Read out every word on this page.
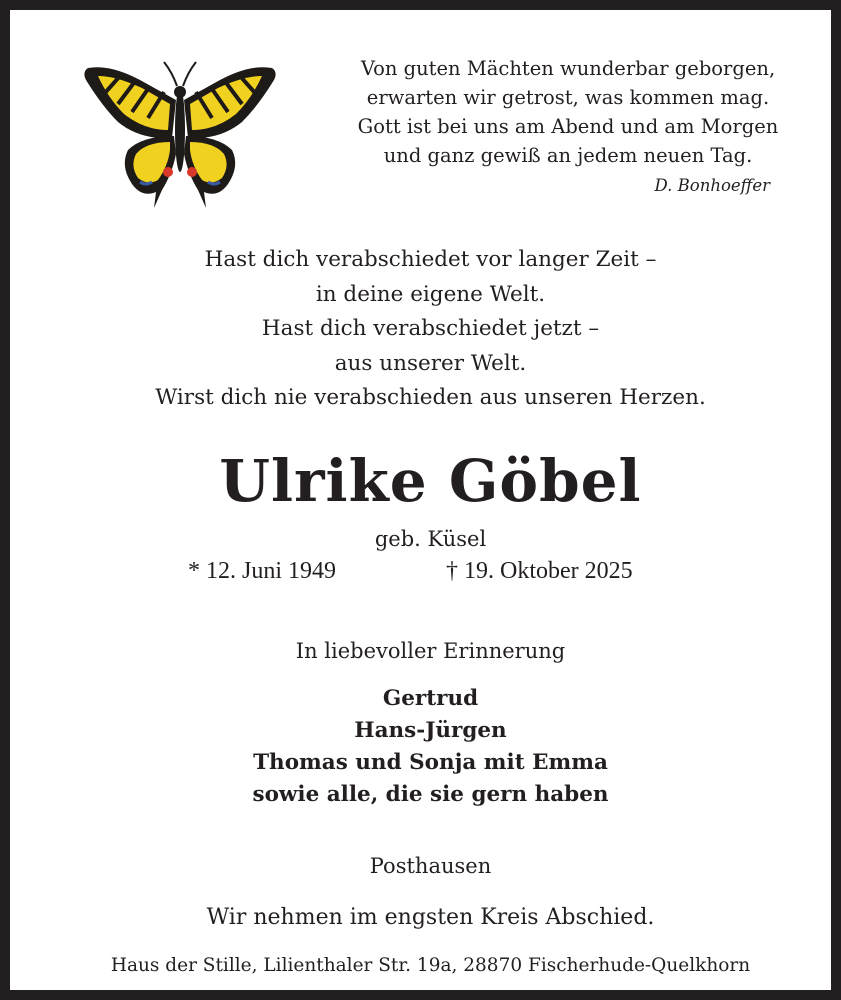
Von guten Mächten wunderbar geborgen,
erwarten wir getrost, was kommen mag.
Gott ist bei uns am Abend und am Morgen
und ganz gewiß an jedem neuen Tag.
D. Bonhoeffer
Hast dich verabschiedet vor langer Zeit –
in deine eigene Welt.
Hast dich verabschiedet jetzt –
aus unserer Welt.
Wirst dich nie verabschieden aus unseren Herzen.
Ulrike Göbel
geb. Küsel
* 12. Juni 1949	† 19. Oktober 2025
In liebevoller Erinnerung
Gertrud
Hans-Jürgen
Thomas und Sonja mit Emma
sowie alle, die sie gern haben
Posthausen
Wir nehmen im engsten Kreis Abschied.
Haus der Stille, Lilienthaler Str. 19a, 28870 Fischerhude-Quelkhorn
